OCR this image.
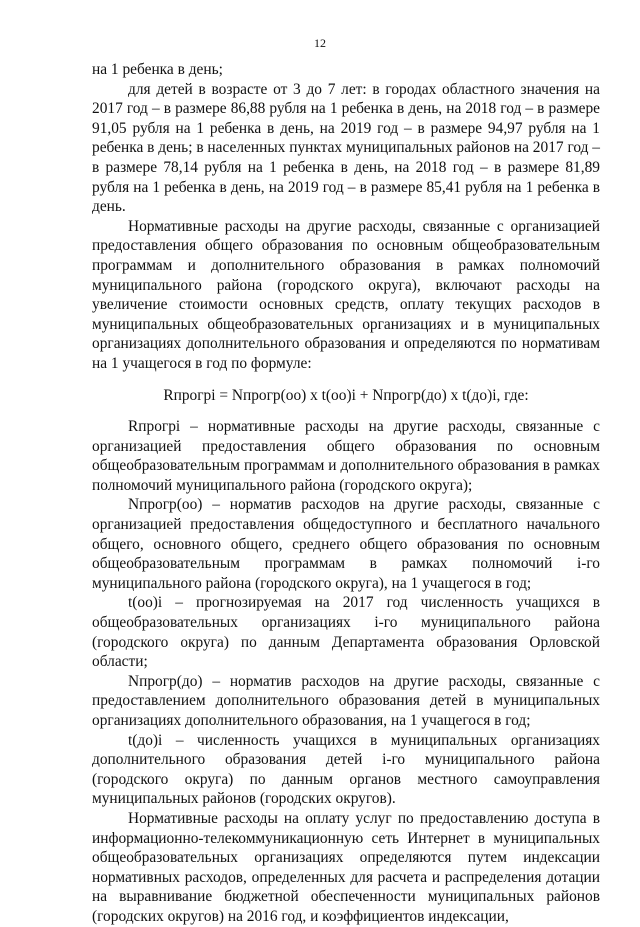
12

на 1 ребенка в день;

для детей в возрасте от 3 до 7 лет: в городах областного значения на 2017 год – в размере 86,88 рубля на 1 ребенка в день, на 2018 год – в размере 91,05 рубля на 1 ребенка в день, на 2019 год – в размере 94,97 рубля на 1 ребенка в день; в населенных пунктах муниципальных районов на 2017 год – в размере 78,14 рубля на 1 ребенка в день, на 2018 год – в размере 81,89 рубля на 1 ребенка в день, на 2019 год – в размере 85,41 рубля на 1 ребенка в день.

Нормативные расходы на другие расходы, связанные с организацией предоставления общего образования по основным общеобразовательным программам и дополнительного образования в рамках полномочий муниципального района (городского округа), включают расходы на увеличение стоимости основных средств, оплату текущих расходов в муниципальных общеобразовательных организациях и в муниципальных организациях дополнительного образования и определяются по нормативам на 1 учащегося в год по формуле:

Rпрогрi = Nпрогр(оо) x t(оо)i + Nпрогр(до) x t(до)i, где:

Rпрогрi – нормативные расходы на другие расходы, связанные с организацией предоставления общего образования по основным общеобразовательным программам и дополнительного образования в рамках полномочий муниципального района (городского округа);

Nпрогр(оо) – норматив расходов на другие расходы, связанные с организацией предоставления общедоступного и бесплатного начального общего, основного общего, среднего общего образования по основным общеобразовательным программам в рамках полномочий i-го муниципального района (городского округа), на 1 учащегося в год;

t(оо)i – прогнозируемая на 2017 год численность учащихся в общеобразовательных организациях i-го муниципального района (городского округа) по данным Департамента образования Орловской области;

Nпрогр(до) – норматив расходов на другие расходы, связанные с предоставлением дополнительного образования детей в муниципальных организациях дополнительного образования, на 1 учащегося в год;

t(до)i – численность учащихся в муниципальных организациях дополнительного образования детей i-го муниципального района (городского округа) по данным органов местного самоуправления муниципальных районов (городских округов).

Нормативные расходы на оплату услуг по предоставлению доступа в информационно-телекоммуникационную сеть Интернет в муниципальных общеобразовательных организациях определяются путем индексации нормативных расходов, определенных для расчета и распределения дотации на выравнивание бюджетной обеспеченности муниципальных районов (городских округов) на 2016 год, и коэффициентов индексации,
